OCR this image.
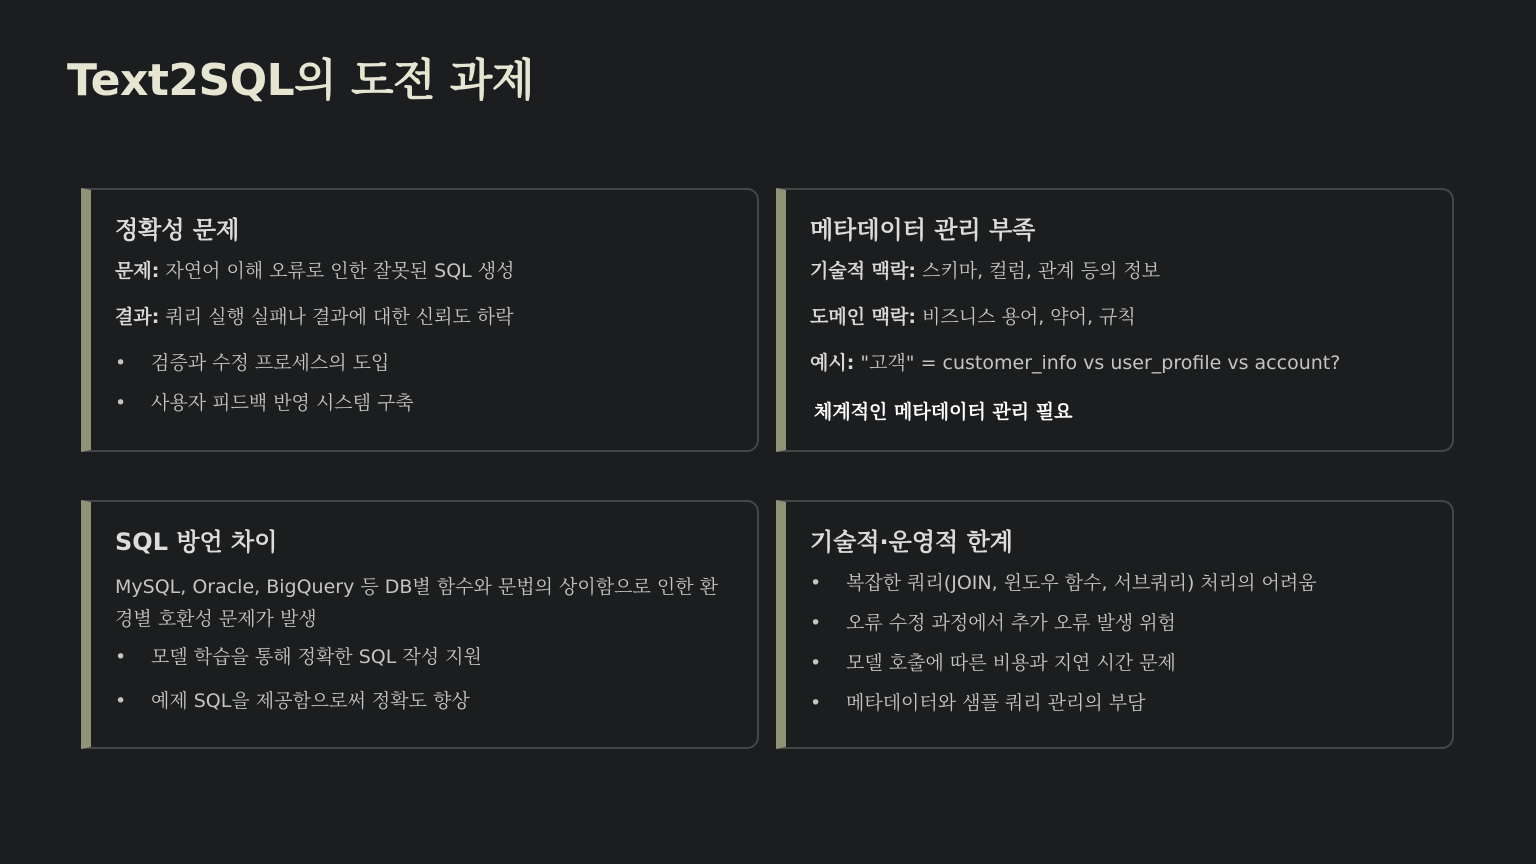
Text2SQL의 도전 과제
정확성 문제
문제: 자연어 이해 오류로 인한 잘못된 SQL 생성
결과: 쿼리 실행 실패나 결과에 대한 신뢰도 하락
• 검증과 수정 프로세스의 도입
• 사용자 피드백 반영 시스템 구축
메타데이터 관리 부족
기술적 맥락: 스키마, 컬럼, 관계 등의 정보
도메인 맥락: 비즈니스 용어, 약어, 규칙
예시: "고객" = customer_info vs user_profile vs account?
체계적인 메타데이터 관리 필요
SQL 방언 차이
MySQL, Oracle, BigQuery 등 DB별 함수와 문법의 상이함으로 인한 환경별 호환성 문제가 발생
• 모델 학습을 통해 정확한 SQL 작성 지원
• 예제 SQL을 제공함으로써 정확도 향상
기술적·운영적 한계
• 복잡한 쿼리(JOIN, 윈도우 함수, 서브쿼리) 처리의 어려움
• 오류 수정 과정에서 추가 오류 발생 위험
• 모델 호출에 따른 비용과 지연 시간 문제
• 메타데이터와 샘플 쿼리 관리의 부담
